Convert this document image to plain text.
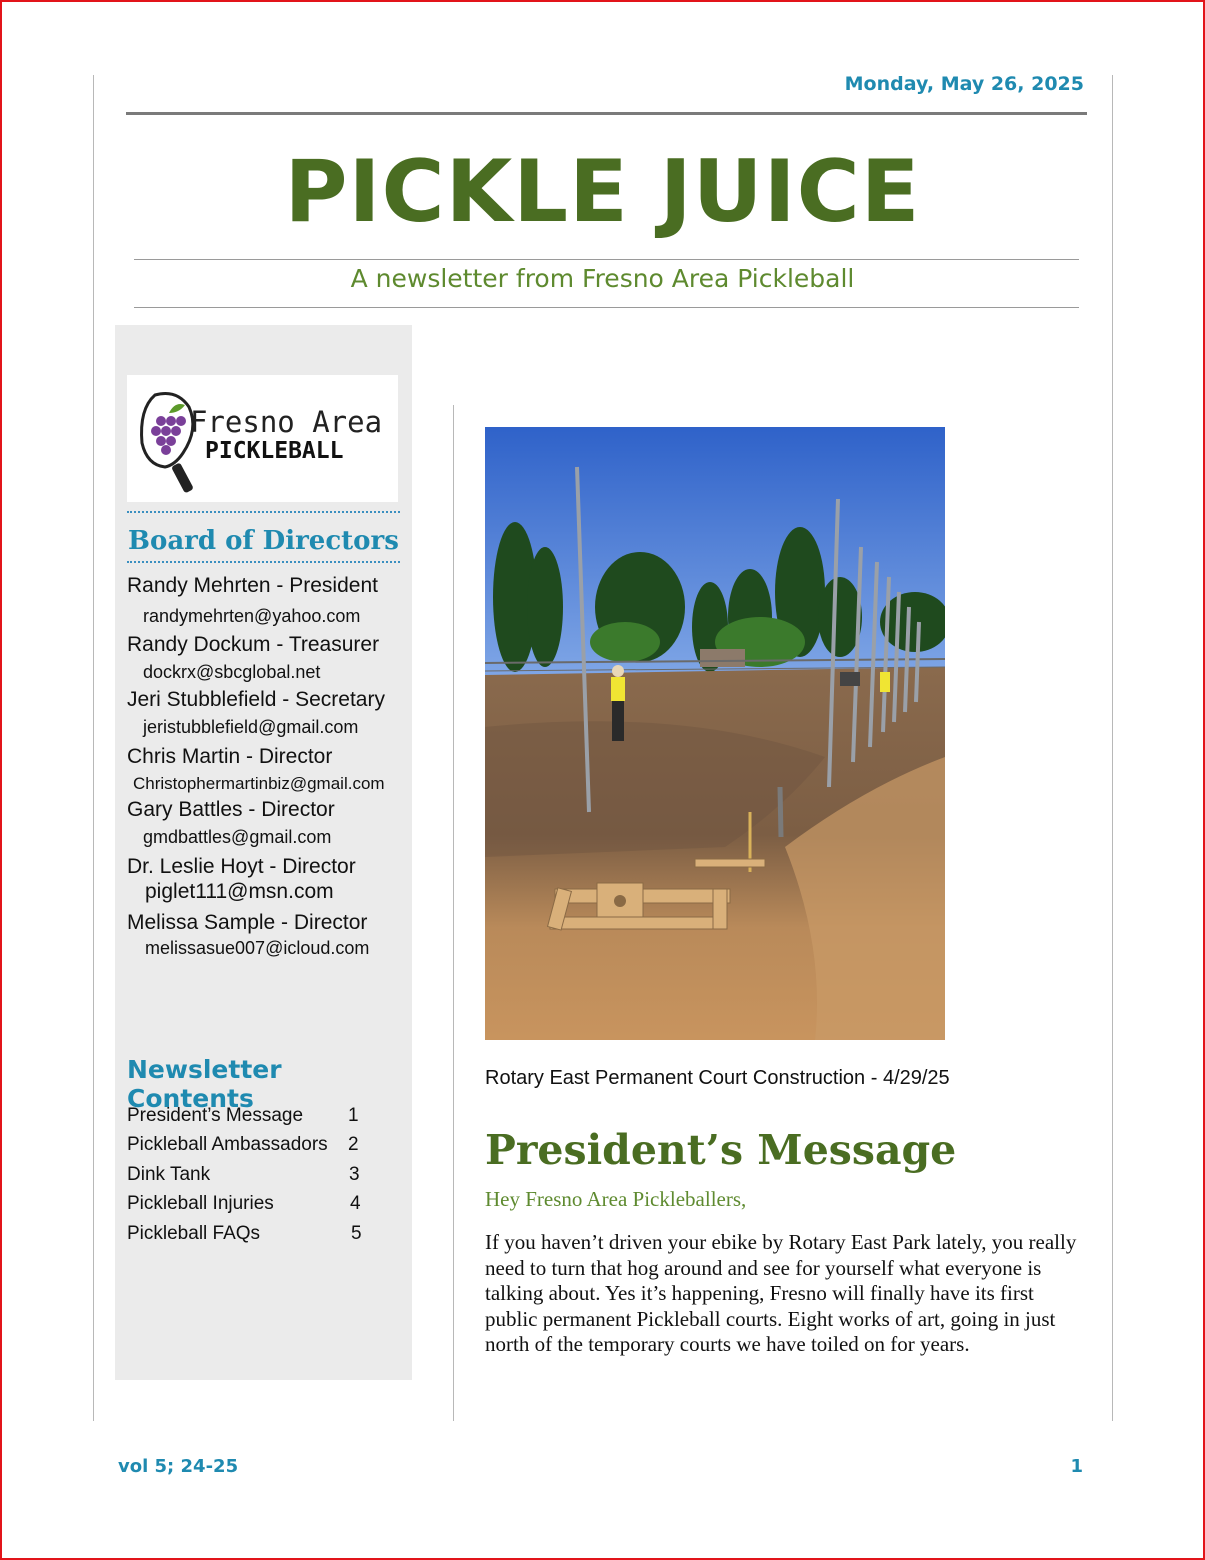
Monday, May 26, 2025
PICKLE JUICE
A newsletter from Fresno Area Pickleball
Fresno Area
PICKLEBALL
Board of Directors
Randy Mehrten - President
randymehrten@yahoo.com
Randy Dockum - Treasurer
dockrx@sbcglobal.net
Jeri Stubblefield - Secretary
jeristubblefield@gmail.com
Chris Martin - Director
Christophermartinbiz@gmail.com
Gary Battles - Director
gmdbattles@gmail.com
Dr. Leslie Hoyt - Director
piglet111@msn.com
Melissa Sample - Director
melissasue007@icloud.com
Newsletter Contents
President’s Message 1
Pickleball Ambassadors 2
Dink Tank	3
Pickleball Injuries	4
Pickleball FAQs	5
Rotary East Permanent Court Construction - 4/29/25
President’s Message
Hey Fresno Area Pickleballers,

If you haven’t driven your ebike by Rotary East Park lately, you really need to turn that hog around and see for yourself what everyone is talking about. Yes it’s happening, Fresno will finally have its first public permanent Pickleball courts. Eight works of art, going in just north of the temporary courts we have toiled on for years.

vol 5; 24-25	1
